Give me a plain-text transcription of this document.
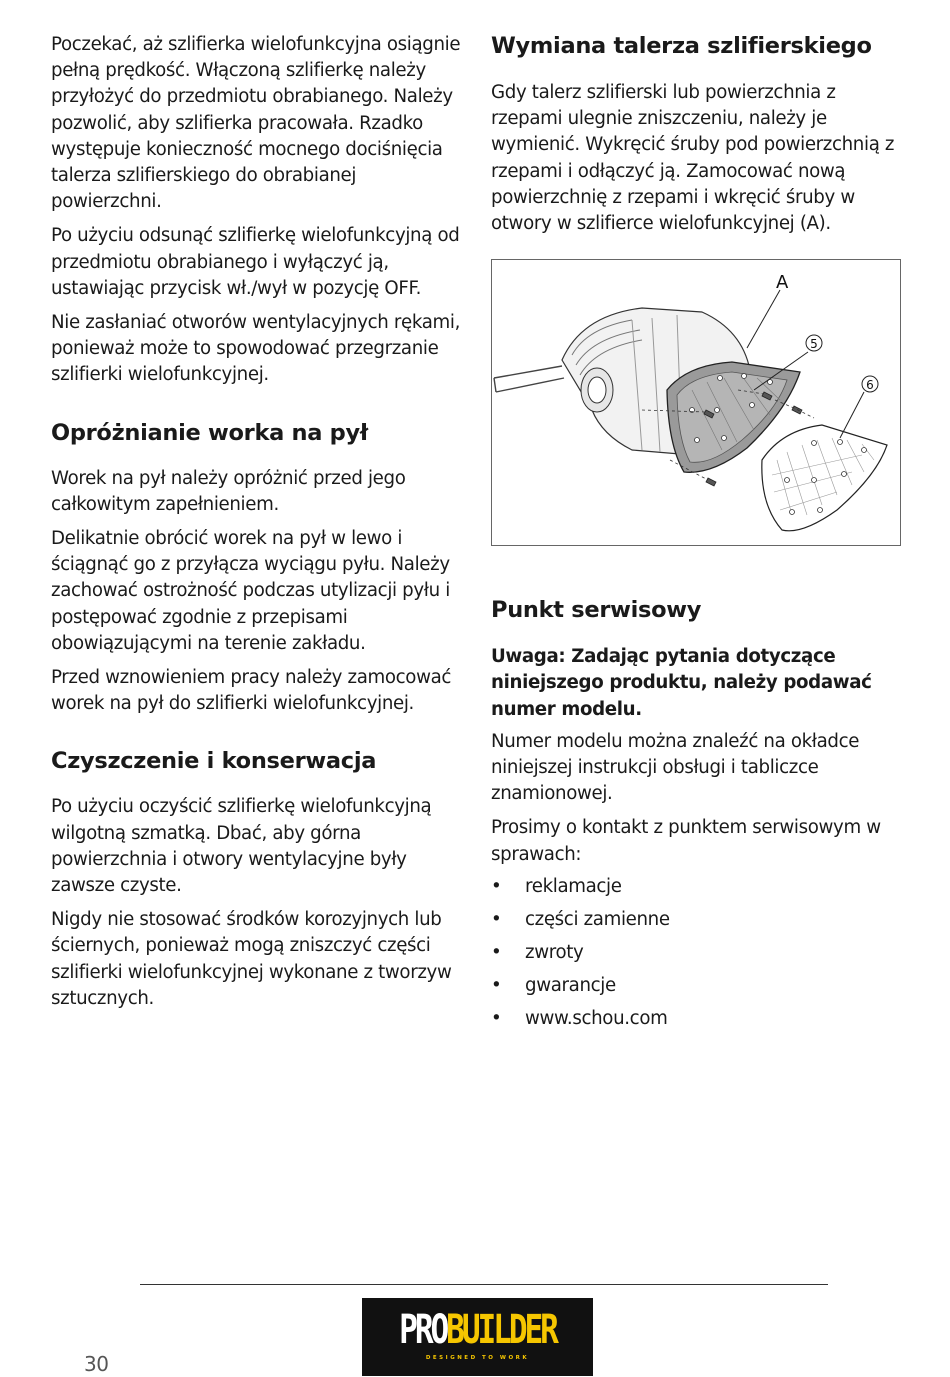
Poczekać, aż szlifierka wielofunkcyjna osiągnie pełną prędkość. Włączoną szlifierkę należy przyłożyć do przedmiotu obrabianego. Należy pozwolić, aby szlifierka pracowała. Rzadko występuje konieczność mocnego dociśnięcia talerza szlifierskiego do obrabianej powierzchni.

Po użyciu odsunąć szlifierkę wielofunkcyjną od przedmiotu obrabianego i wyłączyć ją, ustawiając przycisk wł./wył w pozycję OFF.

Nie zasłaniać otworów wentylacyjnych rękami, ponieważ może to spowodować przegrzanie szlifierki wielofunkcyjnej.

Opróżnianie worka na pył

Worek na pył należy opróżnić przed jego całkowitym zapełnieniem.

Delikatnie obrócić worek na pył w lewo i ściągnąć go z przyłącza wyciągu pyłu. Należy zachować ostrożność podczas utylizacji pyłu i postępować zgodnie z przepisami obowiązującymi na terenie zakładu.

Przed wznowieniem pracy należy zamocować worek na pył do szlifierki wielofunkcyjnej.

Czyszczenie i konserwacja

Po użyciu oczyścić szlifierkę wielofunkcyjną wilgotną szmatką. Dbać, aby górna powierzchnia i otwory wentylacyjne były zawsze czyste.

Nigdy nie stosować środków korozyjnych lub ściernych, ponieważ mogą zniszczyć części szlifierki wielofunkcyjnej wykonane z tworzyw sztucznych.

Wymiana talerza szlifierskiego

Gdy talerz szlifierski lub powierzchnia z rzepami ulegnie zniszczeniu, należy je wymienić. Wykręcić śruby pod powierzchnią z rzepami i odłączyć ją. Zamocować nową powierzchnię z rzepami i wkręcić śruby w otwory w szlifierce wielofunkcyjnej (A).

A
5
6
Punkt serwisowy

Uwaga: Zadając pytania dotyczące niniejszego produktu, należy podawać numer modelu.

Numer modelu można znaleźć na okładce niniejszej instrukcji obsługi i tabliczce znamionowej.

Prosimy o kontakt z punktem serwisowym w sprawach:

• reklamacje
• części zamienne
• zwroty
• gwarancje
• www.schou.com
PROBUILDER
DESIGNED TO WORK
30
